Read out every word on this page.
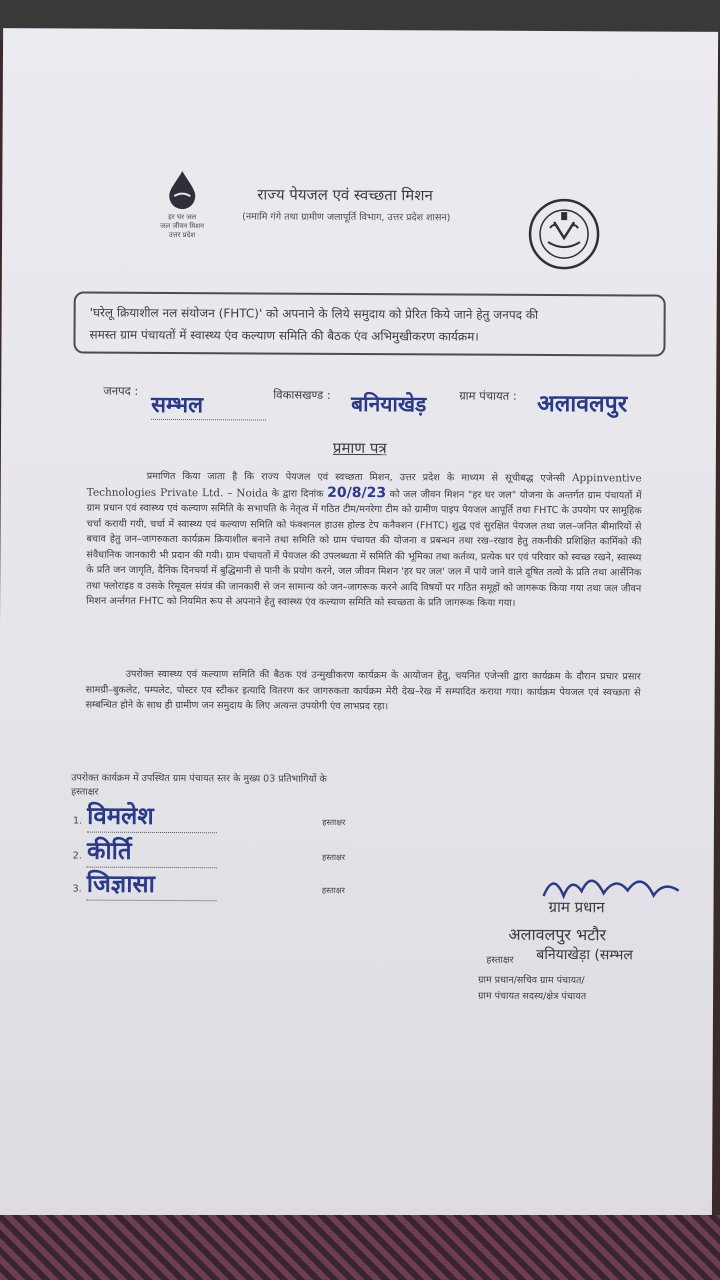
हर घर जल
जल जीवन मिशन
उत्तर प्रदेश
राज्य पेयजल एवं स्वच्छता मिशन
(नमामि गंगे तथा ग्रामीण जलापूर्ति विभाग, उत्तर प्रदेश शासन)
'घरेलू क्रियाशील नल संयोजन (FHTC)' को अपनाने के लिये समुदाय को प्रेरित किये जाने हेतु जनपद की
समस्त ग्राम पंचायतों में स्वास्थ्य एंव कल्याण समिति की बैठक एंव अभिमुखीकरण कार्यक्रम।
जनपद :
सम्भल	विकासखण्ड : बनियाखेड़	ग्राम पंचायत : अलावलपुर
प्रमाण पत्र
प्रमाणित किया जाता है कि राज्य पेयजल एवं स्वच्छता मिशन, उत्तर प्रदेश के माध्यम से सूचीबद्ध एजेन्सी Appinventive Technologies Private Ltd. – Noida के द्वारा दिनांक 20/8/23 को जल जीवन मिशन "हर घर जल" योजना के अन्तर्गत ग्राम पंचायतों में ग्राम प्रधान एवं स्वास्थ्य एवं कल्याण समिति के सभापति के नेतृत्व में गठित टीम/मनरेगा टीम को ग्रामीण पाइप पेयजल आपूर्ति तथा FHTC के उपयोग पर सामूहिक चर्चा करायी गयी, चर्चा में स्वास्थ्य एवं कल्याण समिति को फंक्शनल हाउस होल्ड टेप कनैक्शन (FHTC) शुद्ध एवं सुरक्षित पेयजल तथा जल–जनित बीमारियों से बचाव हेतु जन–जागरुकता कार्यक्रम क्रियाशील बनाने तथा समिति को ग्राम पंचायत की योजना व प्रबन्धन तथा रख–रखाव हेतु तकनीकी प्रशिक्षित कार्मिको की संवैधानिक जानकारी भी प्रदान की गयी। ग्राम पंचायतों में पेयजल की उपलब्धता में समिति की भूमिका तथा कर्तव्य, प्रत्येक घर एवं परिवार को स्वच्छ रखने, स्वास्थ्य के प्रति जन जागृति, दैनिक दिनचर्या में बुद्धिमानी से पानी के प्रयोग करने, जल जीवन मिशन 'हर घर जल' जल में पाये जाने वाले दूषित तत्वो के प्रति तथा आर्सेनिक तथा फ्लोराइड व उसके रिमूवल संयंत्र की जानकारी से जन सामान्य को जन–जागरूक करने आदि विषयों पर गठित समूहों को जागरूक किया गया तथा जल जीवन मिशन अर्न्तगत FHTC को नियमित रूप से अपनाने हेतु स्वास्थ्य एंव कल्याण समिति को स्वच्छता के प्रति जागरूक किया गया।
उपरोक्त स्वास्थ्य एवं कल्याण समिति की बैठक एवं उन्मुखीकरण कार्यक्रम के आयोजन हेतु, चयनित एजेन्सी द्वारा कार्यक्रम के दौरान प्रचार प्रसार सामग्री–बुकलेट, पम्पलेट, पोस्टर एव स्टीकर इत्यादि वितरण कर जागरुकता कार्यक्रम मेरी देख–रेख में सम्पादित कराया गया। कार्यक्रम पेयजल एवं स्वच्छता से सम्बन्धित होने के साथ ही ग्रामीण जन समुदाय के लिए अत्यन्त उपयोगी एंव लाभप्रद रहा।
उपरोक्त कार्यक्रम में उपस्थित ग्राम पंचायत स्तर के मुख्य 03 प्रतिभागियों के
हस्ताक्षर
1. विमलेश	हस्ताक्षर
2. कीर्ति	हस्ताक्षर
3. जिज्ञासा	हस्ताक्षर
ग्राम प्रधान
अलावलपुर भटौर
हस्ताक्षर बनियाखेड़ा (सम्भल
ग्राम प्रधान/सचिव ग्राम पंचायत/
ग्राम पंचायत सदस्य/क्षेत्र पंचायत
